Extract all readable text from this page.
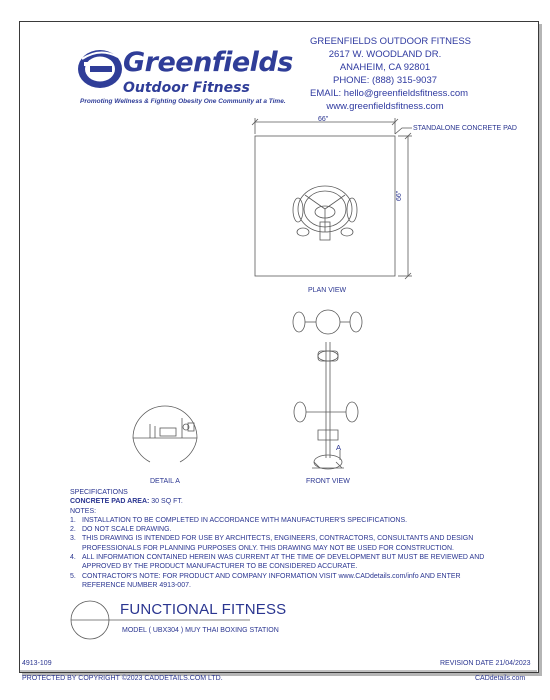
Greenfields
Outdoor Fitness
Promoting Wellness & Fighting Obesity One Community at a Time.
GREENFIELDS OUTDOOR FITNESS
2617 W. WOODLAND DR.
ANAHEIM, CA 92801
PHONE: (888) 315-9037
EMAIL: hello@greenfieldsfitness.com
www.greenfieldsfitness.com
66"
66"
STANDALONE CONCRETE PAD
PLAN VIEW
FRONT VIEW
DETAIL A
A
SPECIFICATIONS
CONCRETE PAD AREA: 30 SQ FT.
NOTES:
1. INSTALLATION TO BE COMPLETED IN ACCORDANCE WITH MANUFACTURER'S SPECIFICATIONS.
2. DO NOT SCALE DRAWING.
3. THIS DRAWING IS INTENDED FOR USE BY ARCHITECTS, ENGINEERS, CONTRACTORS, CONSULTANTS AND DESIGN
PROFESSIONALS FOR PLANNING PURPOSES ONLY. THIS DRAWING MAY NOT BE USED FOR CONSTRUCTION.
4. ALL INFORMATION CONTAINED HEREIN WAS CURRENT AT THE TIME OF DEVELOPMENT BUT MUST BE REVIEWED AND
APPROVED BY THE PRODUCT MANUFACTURER TO BE CONSIDERED ACCURATE.
5. CONTRACTOR'S NOTE: FOR PRODUCT AND COMPANY INFORMATION VISIT www.CADdetails.com/info AND ENTER
REFERENCE NUMBER 4913-007.
FUNCTIONAL FITNESS
MODEL ( UBX304 ) MUY THAI BOXING STATION
4913-109	REVISION DATE 21/04/2023
PROTECTED BY COPYRIGHT ©2023 CADDETAILS.COM LTD.	CADdetails.com
